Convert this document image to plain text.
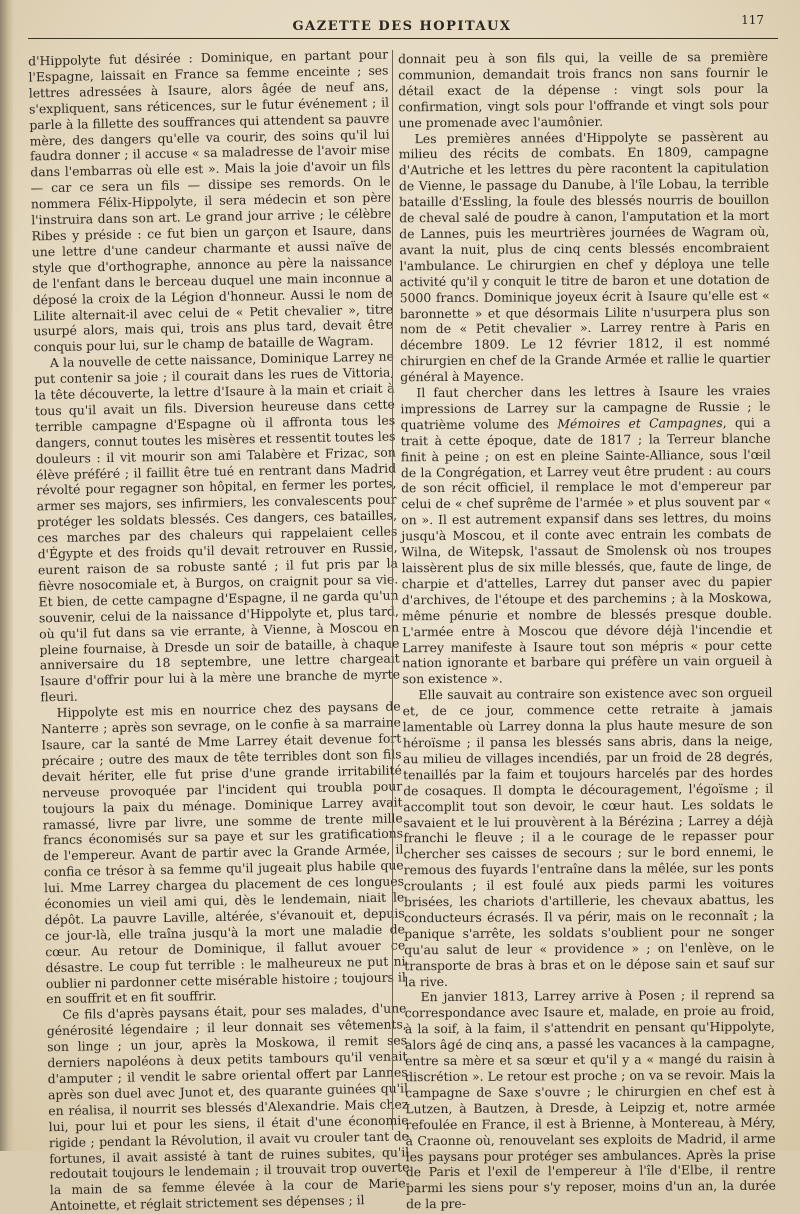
GAZETTE DES HOPITAUX	117

d'Hippolyte fut désirée : Dominique, en partant pour l'Espagne, laissait en France sa femme enceinte ; ses lettres adressées à Isaure, alors âgée de neuf ans, s'expliquent, sans réticences, sur le futur événement ; il parle à la fillette des souffrances qui attendent sa pauvre mère, des dangers qu'elle va courir, des soins qu'il lui faudra donner ; il accuse « sa maladresse de l'avoir mise dans l'embarras où elle est ». Mais la joie d'avoir un fils — car ce sera un fils — dissipe ses remords. On le nommera Félix-Hippolyte, il sera médecin et son père l'instruira dans son art. Le grand jour arrive ; le célèbre Ribes y préside : ce fut bien un garçon et Isaure, dans une lettre d'une candeur charmante et aussi naïve de style que d'orthographe, annonce au père la naissance de l'enfant dans le berceau duquel une main inconnue a déposé la croix de la Légion d'honneur. Aussi le nom de Lilite alternait-il avec celui de « Petit chevalier », titre usurpé alors, mais qui, trois ans plus tard, devait être conquis pour lui, sur le champ de bataille de Wagram.

A la nouvelle de cette naissance, Dominique Larrey ne put contenir sa joie ; il courait dans les rues de Vittoria, la tête découverte, la lettre d'Isaure à la main et criait à tous qu'il avait un fils. Diversion heureuse dans cette terrible campagne d'Espagne où il affronta tous les dangers, connut toutes les misères et ressentit toutes les douleurs : il vit mourir son ami Talabère et Frizac, son élève préféré ; il faillit être tué en rentrant dans Madrid révolté pour regagner son hôpital, en fermer les portes, armer ses majors, ses infirmiers, les convalescents pour protéger les soldats blessés. Ces dangers, ces batailles, ces marches par des chaleurs qui rappelaient celles d'Égypte et des froids qu'il devait retrouver en Russie, eurent raison de sa robuste santé ; il fut pris par la fièvre nosocomiale et, à Burgos, on craignit pour sa vie. Et bien, de cette campagne d'Espagne, il ne garda qu'un souvenir, celui de la naissance d'Hippolyte et, plus tard, où qu'il fut dans sa vie errante, à Vienne, à Moscou en pleine fournaise, à Dresde un soir de bataille, à chaque anniversaire du 18 septembre, une lettre chargeait Isaure d'offrir pour lui à la mère une branche de myrte fleuri.

Hippolyte est mis en nourrice chez des paysans de Nanterre ; après son sevrage, on le confie à sa marraine Isaure, car la santé de Mme Larrey était devenue fort précaire ; outre des maux de tête terribles dont son fils devait hériter, elle fut prise d'une grande irritabilité nerveuse provoquée par l'incident qui troubla pour toujours la paix du ménage. Dominique Larrey avait ramassé, livre par livre, une somme de trente mille francs économisés sur sa paye et sur les gratifications de l'empereur. Avant de partir avec la Grande Armée, il confia ce trésor à sa femme qu'il jugeait plus habile que lui. Mme Larrey chargea du placement de ces longues économies un vieil ami qui, dès le lendemain, niait le dépôt. La pauvre Laville, altérée, s'évanouit et, depuis ce jour-là, elle traîna jusqu'à la mort une maladie de cœur. Au retour de Dominique, il fallut avouer ce désastre. Le coup fut terrible : le malheureux ne put ni oublier ni pardonner cette misérable histoire ; toujours il en souffrit et en fit souffrir.

Ce fils d'après paysans était, pour ses malades, d'une générosité légendaire ; il leur donnait ses vêtements, son linge ; un jour, après la Moskowa, il remit ses derniers napoléons à deux petits tambours qu'il venait d'amputer ; il vendit le sabre oriental offert par Lannes après son duel avec Junot et, des quarante guinées qu'il en réalisa, il nourrit ses blessés d'Alexandrie. Mais chez lui, pour lui et pour les siens, il était d'une économie rigide ; pendant la Révolution, il avait vu crouler tant de fortunes, il avait assisté à tant de ruines subites, qu'il redoutait toujours le lendemain ; il trouvait trop ouverte la main de sa femme élevée à la cour de Marie-Antoinette, et réglait strictement ses dépenses ; il

donnait peu à son fils qui, la veille de sa première communion, demandait trois francs non sans fournir le détail exact de la dépense : vingt sols pour la confirmation, vingt sols pour l'offrande et vingt sols pour une promenade avec l'aumônier.

Les premières années d'Hippolyte se passèrent au milieu des récits de combats. En 1809, campagne d'Autriche et les lettres du père racontent la capitulation de Vienne, le passage du Danube, à l'île Lobau, la terrible bataille d'Essling, la foule des blessés nourris de bouillon de cheval salé de poudre à canon, l'amputation et la mort de Lannes, puis les meurtrières journées de Wagram où, avant la nuit, plus de cinq cents blessés encombraient l'ambulance. Le chirurgien en chef y déploya une telle activité qu'il y conquit le titre de baron et une dotation de 5000 francs. Dominique joyeux écrit à Isaure qu'elle est « baronnette » et que désormais Lilite n'usurpera plus son nom de « Petit chevalier ». Larrey rentre à Paris en décembre 1809. Le 12 février 1812, il est nommé chirurgien en chef de la Grande Armée et rallie le quartier général à Mayence.

Il faut chercher dans les lettres à Isaure les vraies impressions de Larrey sur la campagne de Russie ; le quatrième volume des Mémoires et Campagnes, qui a trait à cette époque, date de 1817 ; la Terreur blanche finit à peine ; on est en pleine Sainte-Alliance, sous l'œil de la Congrégation, et Larrey veut être prudent : au cours de son récit officiel, il remplace le mot d'empereur par celui de « chef suprême de l'armée » et plus souvent par « on ». Il est autrement expansif dans ses lettres, du moins jusqu'à Moscou, et il conte avec entrain les combats de Wilna, de Witepsk, l'assaut de Smolensk où nos troupes laissèrent plus de six mille blessés, que, faute de linge, de charpie et d'attelles, Larrey dut panser avec du papier d'archives, de l'étoupe et des parchemins ; à la Moskowa, même pénurie et nombre de blessés presque double. L'armée entre à Moscou que dévore déjà l'incendie et Larrey manifeste à Isaure tout son mépris « pour cette nation ignorante et barbare qui préfère un vain orgueil à son existence ».

Elle sauvait au contraire son existence avec son orgueil et, de ce jour, commence cette retraite à jamais lamentable où Larrey donna la plus haute mesure de son héroïsme ; il pansa les blessés sans abris, dans la neige, au milieu de villages incendiés, par un froid de 28 degrés, tenaillés par la faim et toujours harcelés par des hordes de cosaques. Il dompta le découragement, l'égoïsme ; il accomplit tout son devoir, le cœur haut. Les soldats le savaient et le lui prouvèrent à la Bérézina ; Larrey a déjà franchi le fleuve ; il a le courage de le repasser pour chercher ses caisses de secours ; sur le bord ennemi, le remous des fuyards l'entraîne dans la mêlée, sur les ponts croulants ; il est foulé aux pieds parmi les voitures brisées, les chariots d'artillerie, les chevaux abattus, les conducteurs écrasés. Il va périr, mais on le reconnaît ; la panique s'arrête, les soldats s'oublient pour ne songer qu'au salut de leur « providence » ; on l'enlève, on le transporte de bras à bras et on le dépose sain et sauf sur la rive.

En janvier 1813, Larrey arrive à Posen ; il reprend sa correspondance avec Isaure et, malade, en proie au froid, à la soif, à la faim, il s'attendrit en pensant qu'Hippolyte, alors âgé de cinq ans, a passé les vacances à la campagne, entre sa mère et sa sœur et qu'il y a « mangé du raisin à discrétion ». Le retour est proche ; on va se revoir. Mais la campagne de Saxe s'ouvre ; le chirurgien en chef est à Lutzen, à Bautzen, à Dresde, à Leipzig et, notre armée refoulée en France, il est à Brienne, à Montereau, à Méry, à Craonne où, renouvelant ses exploits de Madrid, il arme les paysans pour protéger ses ambulances. Après la prise de Paris et l'exil de l'empereur à l'île d'Elbe, il rentre parmi les siens pour s'y reposer, moins d'un an, la durée de la pre-
